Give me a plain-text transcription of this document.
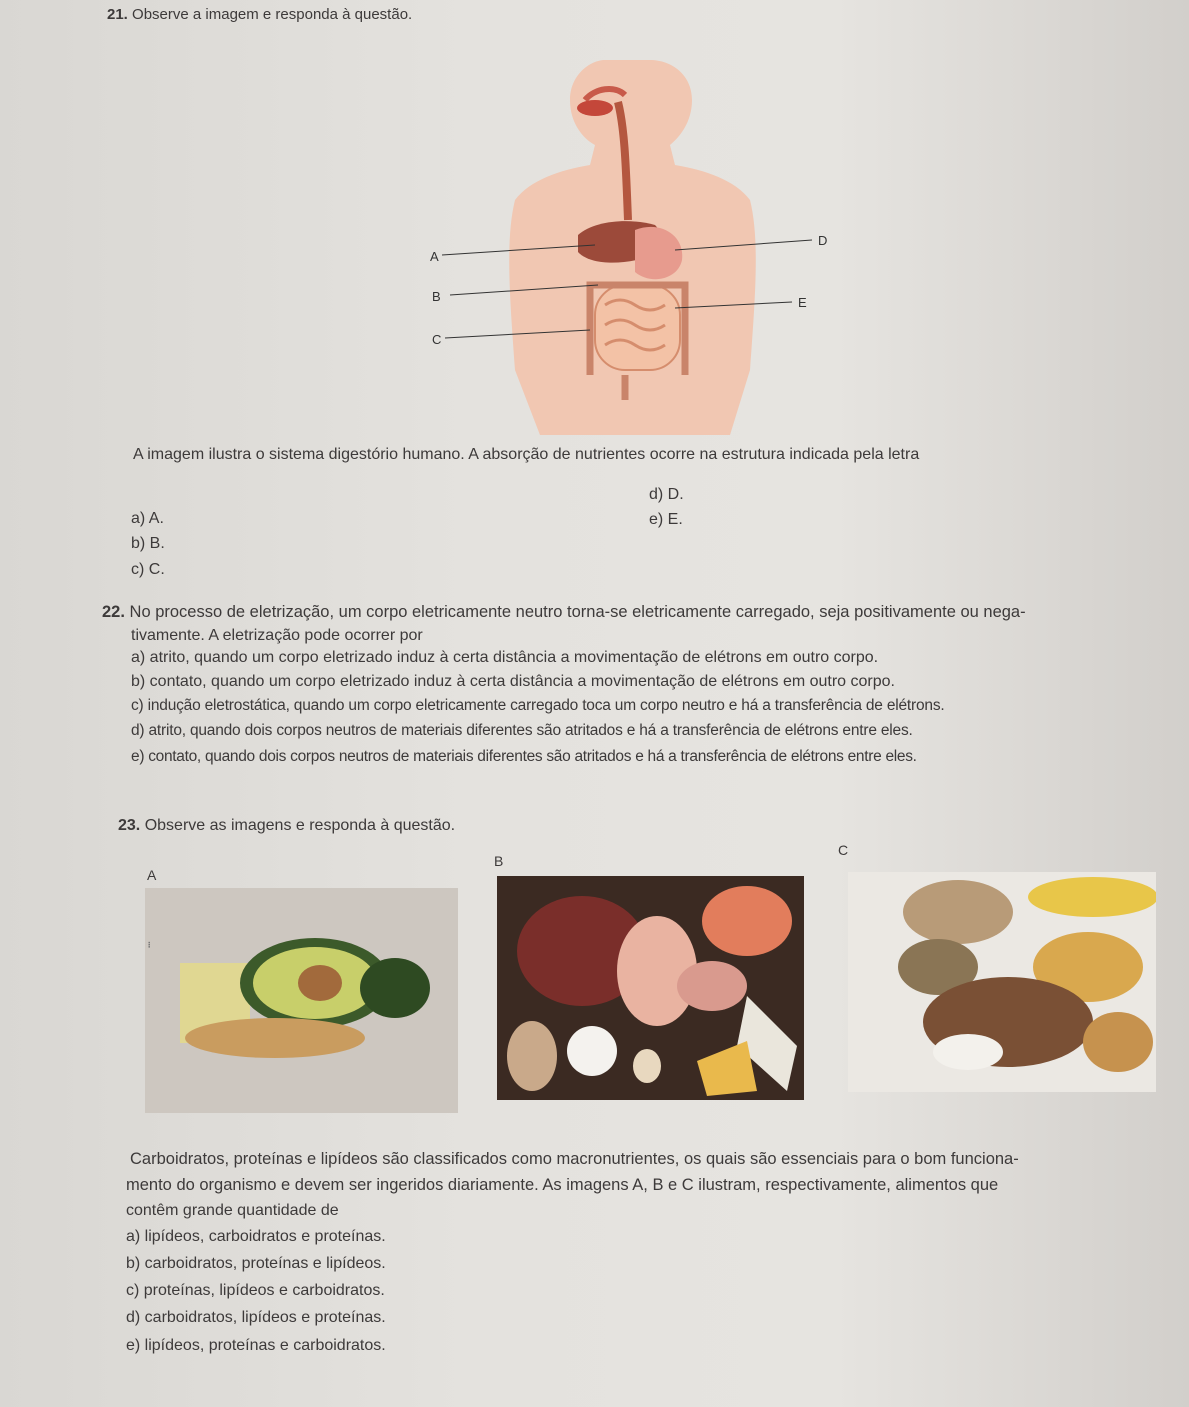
21. Observe a imagem e responda à questão.
A
B
C
D
E
A imagem ilustra o sistema digestório humano. A absorção de nutrientes ocorre na estrutura indicada pela letra
d) D.
a) A.	e) E.
b) B.
c) C.
22. No processo de eletrização, um corpo eletricamente neutro torna-se eletricamente carregado, seja positivamente ou nega-
tivamente. A eletrização pode ocorrer por
a) atrito, quando um corpo eletrizado induz à certa distância a movimentação de elétrons em outro corpo.
b) contato, quando um corpo eletrizado induz à certa distância a movimentação de elétrons em outro corpo.
c) indução eletrostática, quando um corpo eletricamente carregado toca um corpo neutro e há a transferência de elétrons.
d) atrito, quando dois corpos neutros de materiais diferentes são atritados e há a transferência de elétrons entre eles.
e) contato, quando dois corpos neutros de materiais diferentes são atritados e há a transferência de elétrons entre eles.
23. Observe as imagens e responda à questão.
A
B
C
▪▪▪
Carboidratos, proteínas e lipídeos são classificados como macronutrientes, os quais são essenciais para o bom funciona-
mento do organismo e devem ser ingeridos diariamente. As imagens A, B e C ilustram, respectivamente, alimentos que
contêm grande quantidade de
a) lipídeos, carboidratos e proteínas.
b) carboidratos, proteínas e lipídeos.
c) proteínas, lipídeos e carboidratos.
d) carboidratos, lipídeos e proteínas.
e) lipídeos, proteínas e carboidratos.
